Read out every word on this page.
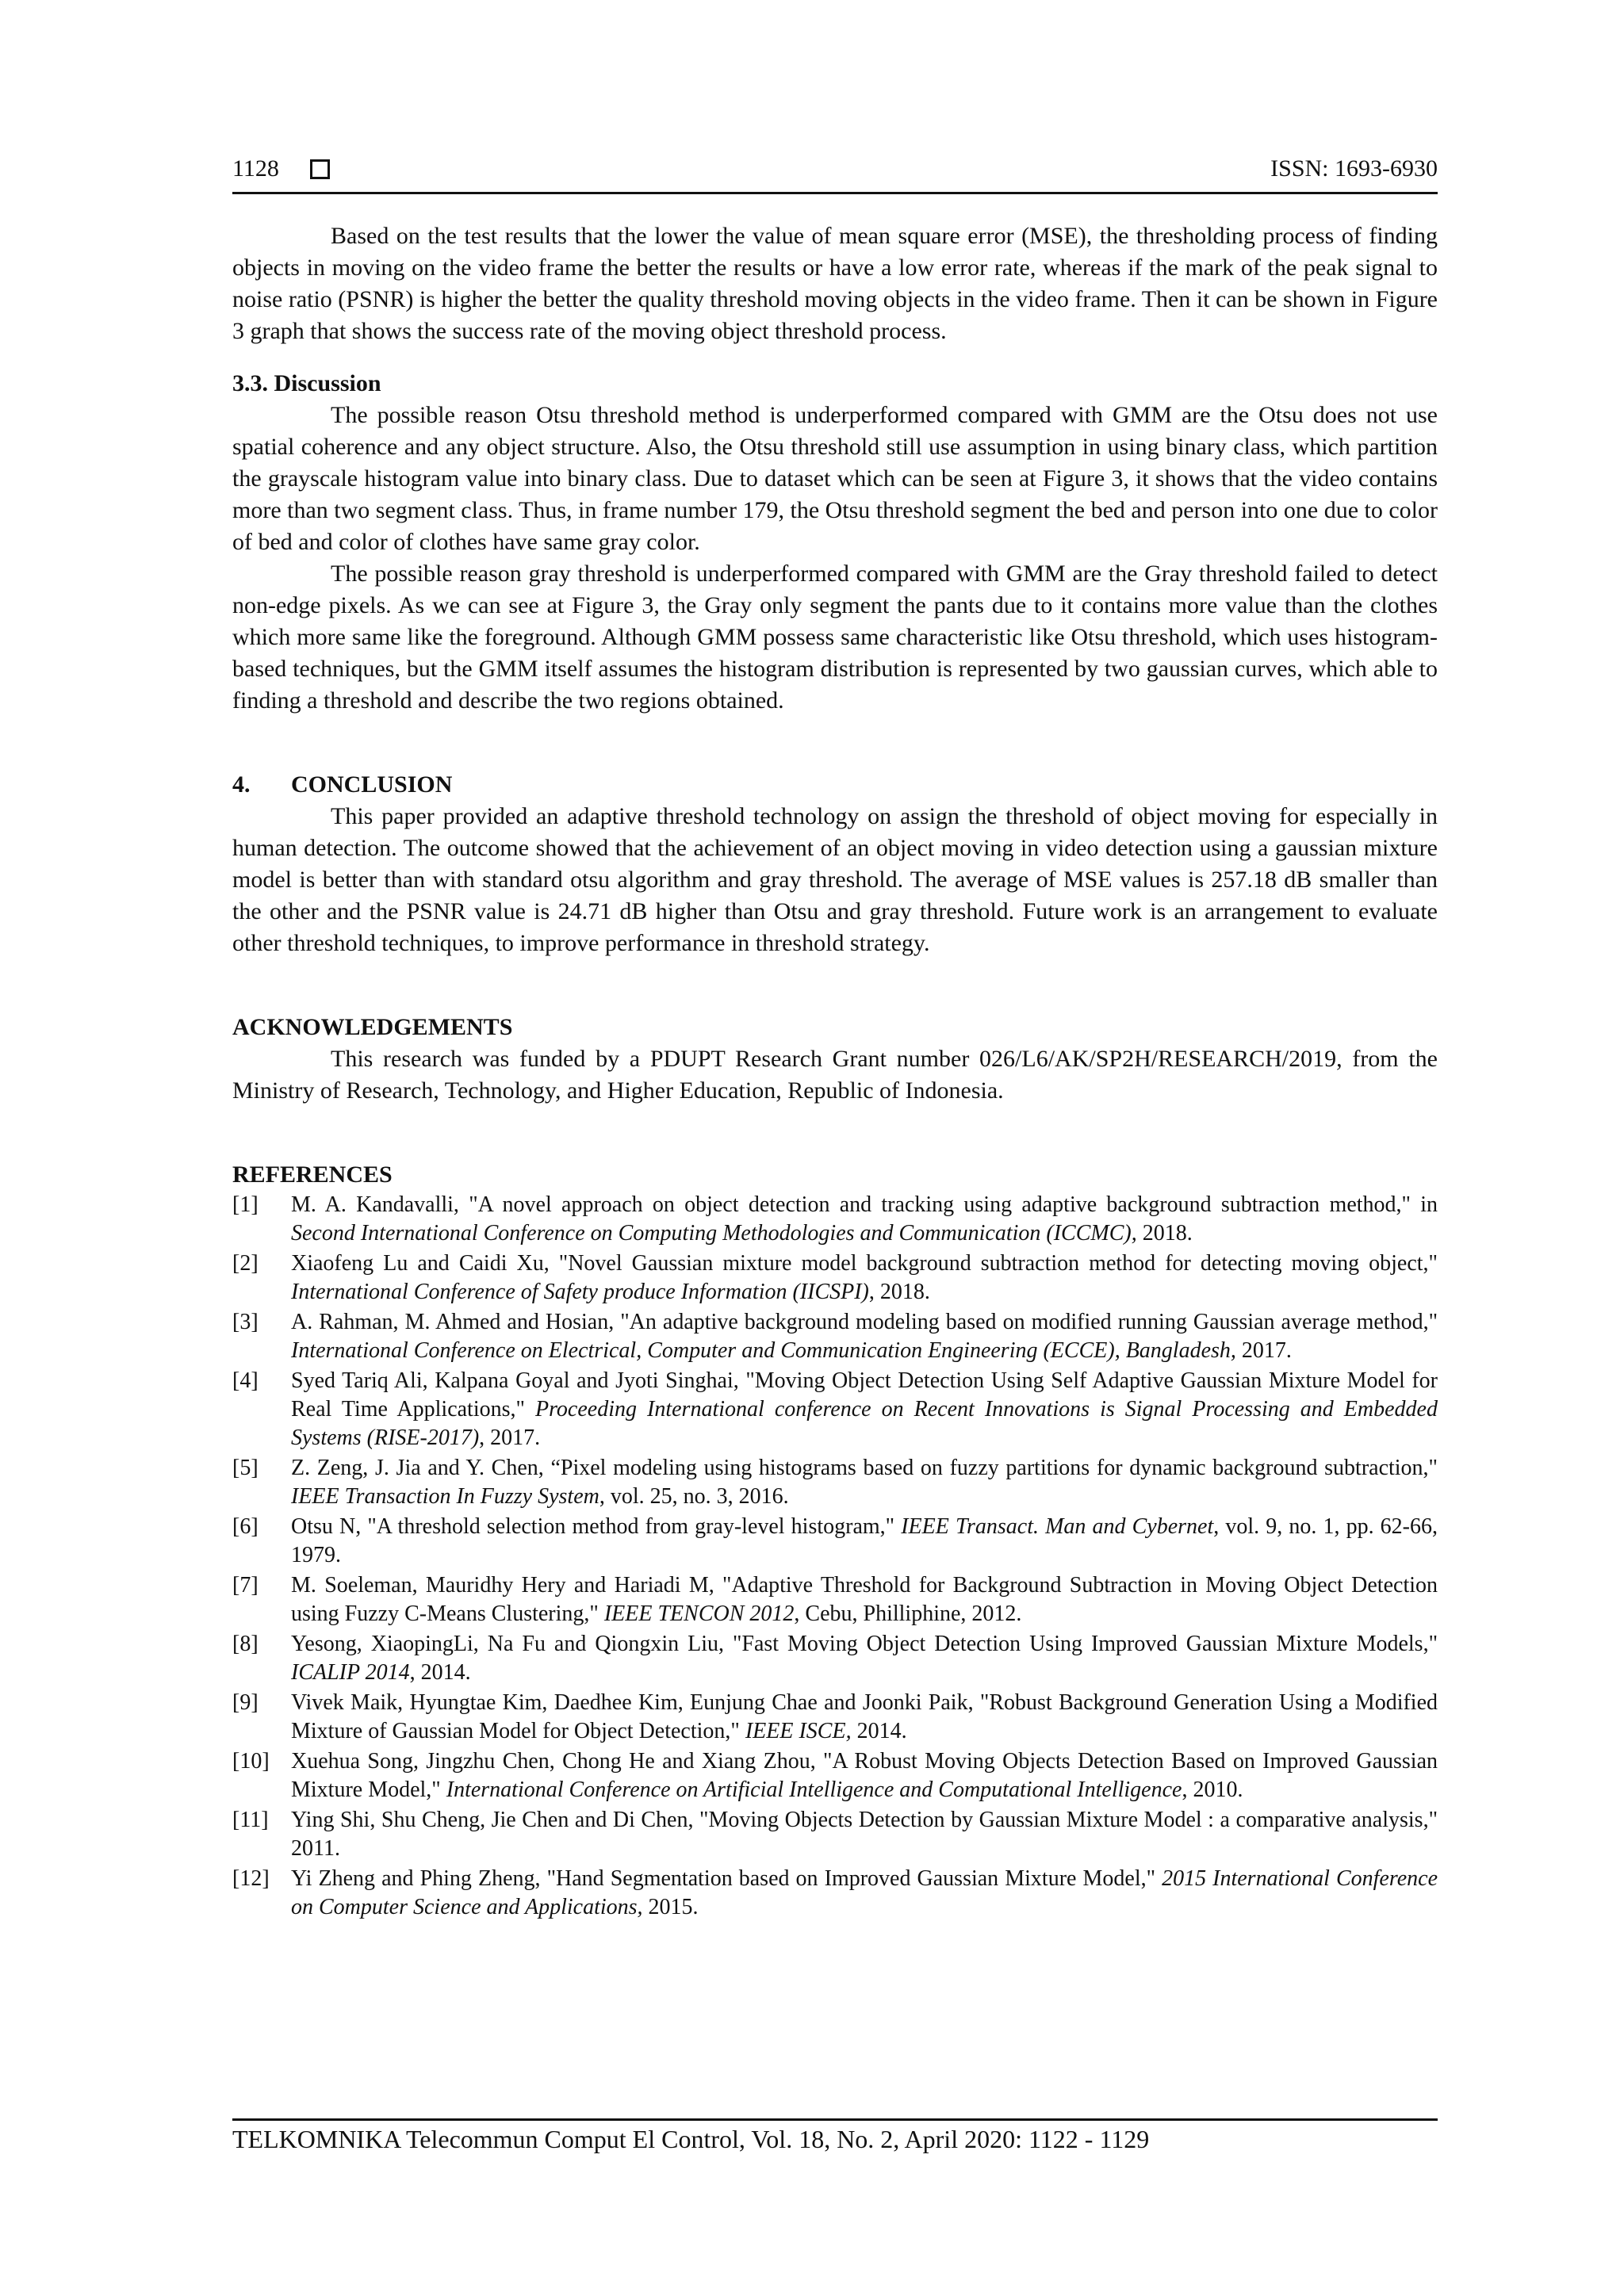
1128	ISSN: 1693-6930

Based on the test results that the lower the value of mean square error (MSE), the thresholding process of finding objects in moving on the video frame the better the results or have a low error rate, whereas if the mark of the peak signal to noise ratio (PSNR) is higher the better the quality threshold moving objects in the video frame. Then it can be shown in Figure 3 graph that shows the success rate of the moving object threshold process.

3.3. Discussion

The possible reason Otsu threshold method is underperformed compared with GMM are the Otsu does not use spatial coherence and any object structure. Also, the Otsu threshold still use assumption in using binary class, which partition the grayscale histogram value into binary class. Due to dataset which can be seen at Figure 3, it shows that the video contains more than two segment class. Thus, in frame number 179, the Otsu threshold segment the bed and person into one due to color of bed and color of clothes have same gray color.

The possible reason gray threshold is underperformed compared with GMM are the Gray threshold failed to detect non-edge pixels. As we can see at Figure 3, the Gray only segment the pants due to it contains more value than the clothes which more same like the foreground. Although GMM possess same characteristic like Otsu threshold, which uses histogram-based techniques, but the GMM itself assumes the histogram distribution is represented by two gaussian curves, which able to finding a threshold and describe the two regions obtained.

4. CONCLUSION

This paper provided an adaptive threshold technology on assign the threshold of object moving for especially in human detection. The outcome showed that the achievement of an object moving in video detection using a gaussian mixture model is better than with standard otsu algorithm and gray threshold. The average of MSE values is 257.18 dB smaller than the other and the PSNR value is 24.71 dB higher than Otsu and gray threshold. Future work is an arrangement to evaluate other threshold techniques, to improve performance in threshold strategy.

ACKNOWLEDGEMENTS

This research was funded by a PDUPT Research Grant number 026/L6/AK/SP2H/RESEARCH/2019, from the Ministry of Research, Technology, and Higher Education, Republic of Indonesia.

REFERENCES
[1]	M. A. Kandavalli, "A novel approach on object detection and tracking using adaptive background subtraction method," in Second International Conference on Computing Methodologies and Communication (ICCMC), 2018.
[2]	Xiaofeng Lu and Caidi Xu, "Novel Gaussian mixture model background subtraction method for detecting moving object," International Conference of Safety produce Information (IICSPI), 2018.
[3]	A. Rahman, M. Ahmed and Hosian, "An adaptive background modeling based on modified running Gaussian average method," International Conference on Electrical, Computer and Communication Engineering (ECCE), Bangladesh, 2017.
[4]	Syed Tariq Ali, Kalpana Goyal and Jyoti Singhai, "Moving Object Detection Using Self Adaptive Gaussian Mixture Model for Real Time Applications," Proceeding International conference on Recent Innovations is Signal Processing and Embedded Systems (RISE-2017), 2017.
[5]	Z. Zeng, J. Jia and Y. Chen, “Pixel modeling using histograms based on fuzzy partitions for dynamic background subtraction," IEEE Transaction In Fuzzy System, vol. 25, no. 3, 2016.
[6]	Otsu N, "A threshold selection method from gray-level histogram," IEEE Transact. Man and Cybernet, vol. 9, no. 1, pp. 62-66, 1979.
[7]	M. Soeleman, Mauridhy Hery and Hariadi M, "Adaptive Threshold for Background Subtraction in Moving Object Detection using Fuzzy C-Means Clustering," IEEE TENCON 2012, Cebu, Philliphine, 2012.
[8]	Yesong, XiaopingLi, Na Fu and Qiongxin Liu, "Fast Moving Object Detection Using Improved Gaussian Mixture Models," ICALIP 2014, 2014.
[9]	Vivek Maik, Hyungtae Kim, Daedhee Kim, Eunjung Chae and Joonki Paik, "Robust Background Generation Using a Modified Mixture of Gaussian Model for Object Detection," IEEE ISCE, 2014.
[10] Xuehua Song, Jingzhu Chen, Chong He and Xiang Zhou, "A Robust Moving Objects Detection Based on Improved Gaussian Mixture Model," International Conference on Artificial Intelligence and Computational Intelligence, 2010.
[11]	Ying Shi, Shu Cheng, Jie Chen and Di Chen, "Moving Objects Detection by Gaussian Mixture Model : a comparative analysis," 2011.
[12] Yi Zheng and Phing Zheng, "Hand Segmentation based on Improved Gaussian Mixture Model," 2015 International Conference on Computer Science and Applications, 2015.
TELKOMNIKA Telecommun Comput El Control, Vol. 18, No. 2, April 2020: 1122 - 1129
